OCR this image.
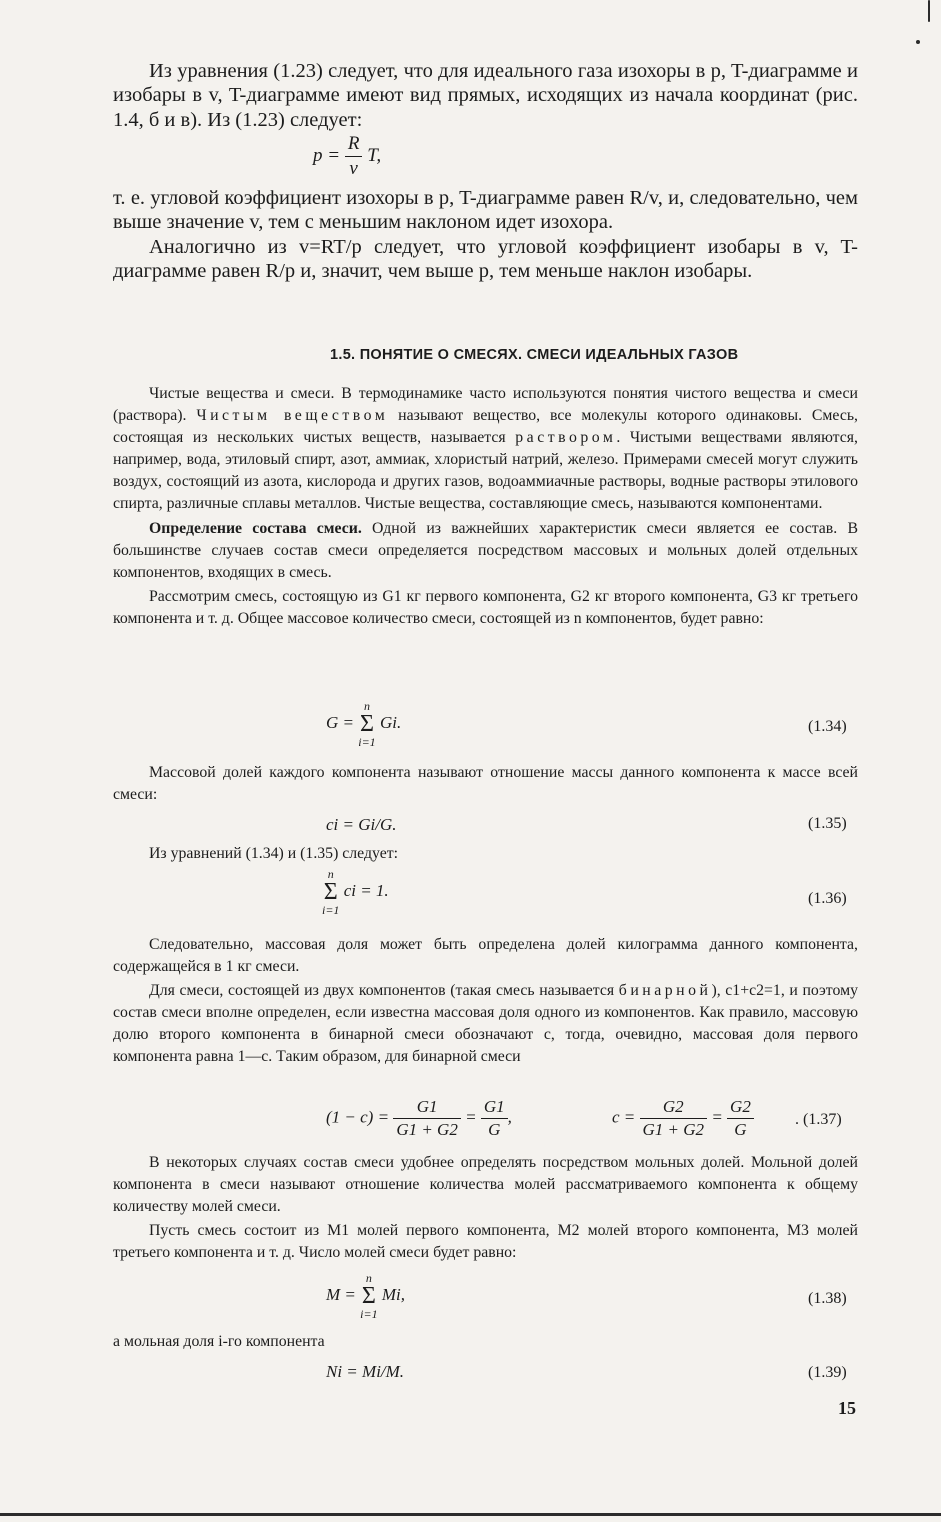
Из уравнения (1.23) следует, что для идеального газа изохоры в p, T-диаграмме и изобары в v, T-диаграмме имеют вид прямых, исходящих из начала координат (рис. 1.4, б и в). Из (1.23) следует:

$p = \frac{R}{v} T$,

т. е. угловой коэффициент изохоры в p, T-диаграмме равен R/v, и, следовательно, чем выше значение v, тем с меньшим наклоном идет изохора.

Аналогично из v=RT/p следует, что угловой коэффициент изобары в v, T-диаграмме равен R/p и, значит, чем выше p, тем меньше наклон изобары.

1.5. ПОНЯТИЕ О СМЕСЯХ. СМЕСИ ИДЕАЛЬНЫХ ГАЗОВ

Чистые вещества и смеси. В термодинамике часто используются понятия чистого вещества и смеси (раствора). Чистым веществом называют вещество, все молекулы которого одинаковы. Смесь, состоящая из нескольких чистых веществ, называется раствором. Чистыми веществами являются, например, вода, этиловый спирт, азот, аммиак, хлористый натрий, железо. Примерами смесей могут служить воздух, состоящий из азота, кислорода и других газов, водоаммиачные растворы, водные растворы этилового спирта, различные сплавы металлов. Чистые вещества, составляющие смесь, называются компонентами.

Определение состава смеси. Одной из важнейших характеристик смеси является ее состав. В большинстве случаев состав смеси определяется посредством массовых и мольных долей отдельных компонентов, входящих в смесь.

Рассмотрим смесь, состоящую из G1 кг первого компонента, G2 кг второго компонента, G3 кг третьего компонента и т. д. Общее массовое количество смеси, состоящей из n компонентов, будет равно:

G =
n
Σ
i=1
Gi.	(1.34)

Массовой долей каждого компонента называют отношение массы данного компонента к массе всей смеси:

ci = Gi/G.	(1.35)

Из уравнений (1.34) и (1.35) следует:

n
Σ
i=1
ci = 1.	(1.36)

Следовательно, массовая доля может быть определена долей килограмма данного компонента, содержащейся в 1 кг смеси.

Для смеси, состоящей из двух компонентов (такая смесь называется бинарной), c1+c2=1, и поэтому состав смеси вполне определен, если известна массовая доля одного из компонентов. Как правило, массовую долю второго компонента в бинарной смеси обозначают c, тогда, очевидно, массовая доля первого компонента равна 1—c. Таким образом, для бинарной смеси

$(1 - c) = \frac{G1}{G1 + G2} = \frac{G1}{G}$ ,	$c = \frac{G2}{G1 + G2} = \frac{G2}{G}$	. (1.37)

В некоторых случаях состав смеси удобнее определять посредством мольных долей. Мольной долей компонента в смеси называют отношение количества молей рассматриваемого компонента к общему количеству молей смеси.

Пусть смесь состоит из M1 молей первого компонента, M2 молей второго компонента, M3 молей третьего компонента и т. д. Число молей смеси будет равно:

M =
n
Σ
i=1
Mi,	(1.38)

а мольная доля i-го компонента

Ni = Mi/M.	(1.39)
15
